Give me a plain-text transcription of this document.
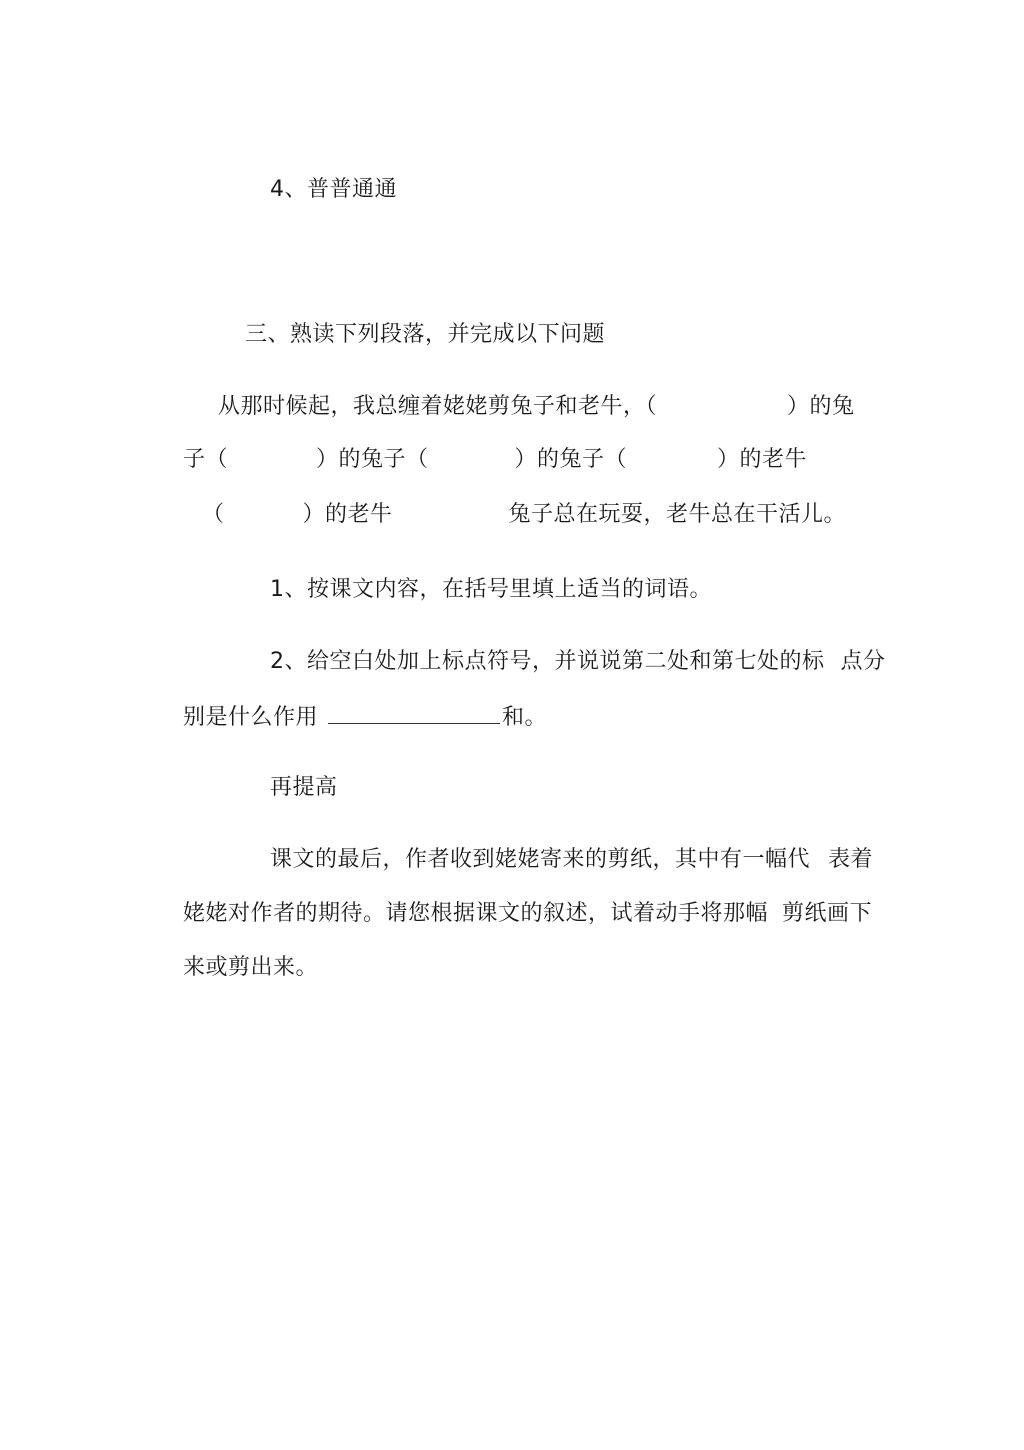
4、普普通通

三、熟读下列段落，并完成以下问题

从那时候起，我总缠着姥姥剪兔子和老牛，（	）的兔

子（	）的兔子（	）的兔子（	）的老牛

（	）的老牛	兔子总在玩耍，老牛总在干活儿。

1、按课文内容，在括号里填上适当的词语。

2、给空白处加上标点符号，并说说第二处和第七处的标 点分

别是什么作用	和。

再提高

课文的最后，作者收到姥姥寄来的剪纸，其中有一幅代 表着

姥姥对作者的期待。请您根据课文的叙述，试着动手将那幅 剪纸画下

来或剪出来。
